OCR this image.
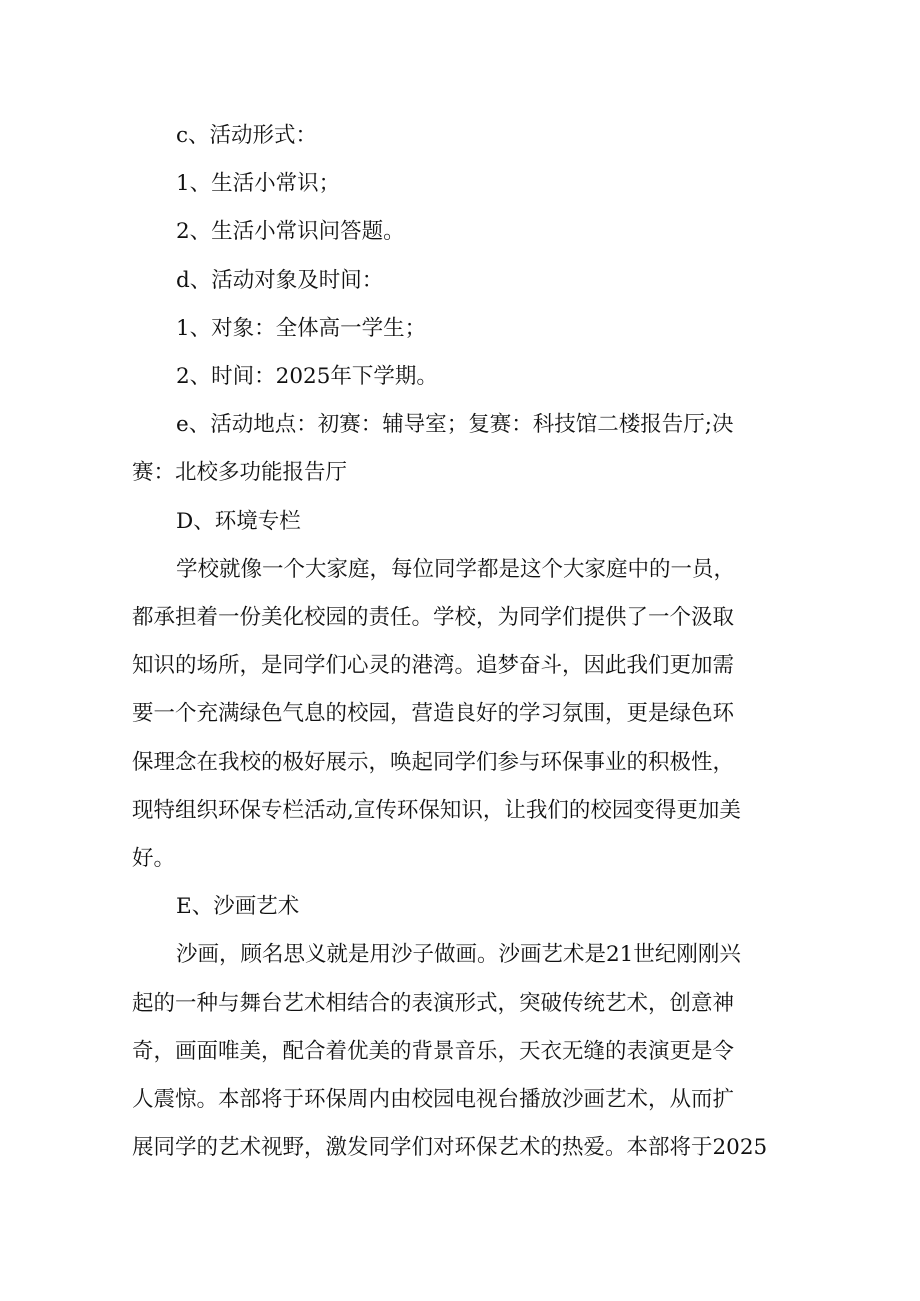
c、活动形式：

1、生活小常识；

2、生活小常识问答题。

d、活动对象及时间：

1、对象：全体高一学生；

2、时间：2025年下学期。

e、活动地点：初赛：辅导室；复赛：科技馆二楼报告厅;决

赛：北校多功能报告厅

D、环境专栏

学校就像一个大家庭，每位同学都是这个大家庭中的一员，

都承担着一份美化校园的责任。学校，为同学们提供了一个汲取

知识的场所，是同学们心灵的港湾。追梦奋斗，因此我们更加需

要一个充满绿色气息的校园，营造良好的学习氛围，更是绿色环

保理念在我校的极好展示，唤起同学们参与环保事业的积极性，

现特组织环保专栏活动,宣传环保知识，让我们的校园变得更加美

好。

E、沙画艺术

沙画，顾名思义就是用沙子做画。沙画艺术是21世纪刚刚兴

起的一种与舞台艺术相结合的表演形式，突破传统艺术，创意神

奇，画面唯美，配合着优美的背景音乐，天衣无缝的表演更是令

人震惊。本部将于环保周内由校园电视台播放沙画艺术，从而扩

展同学的艺术视野，激发同学们对环保艺术的热爱。本部将于2025
